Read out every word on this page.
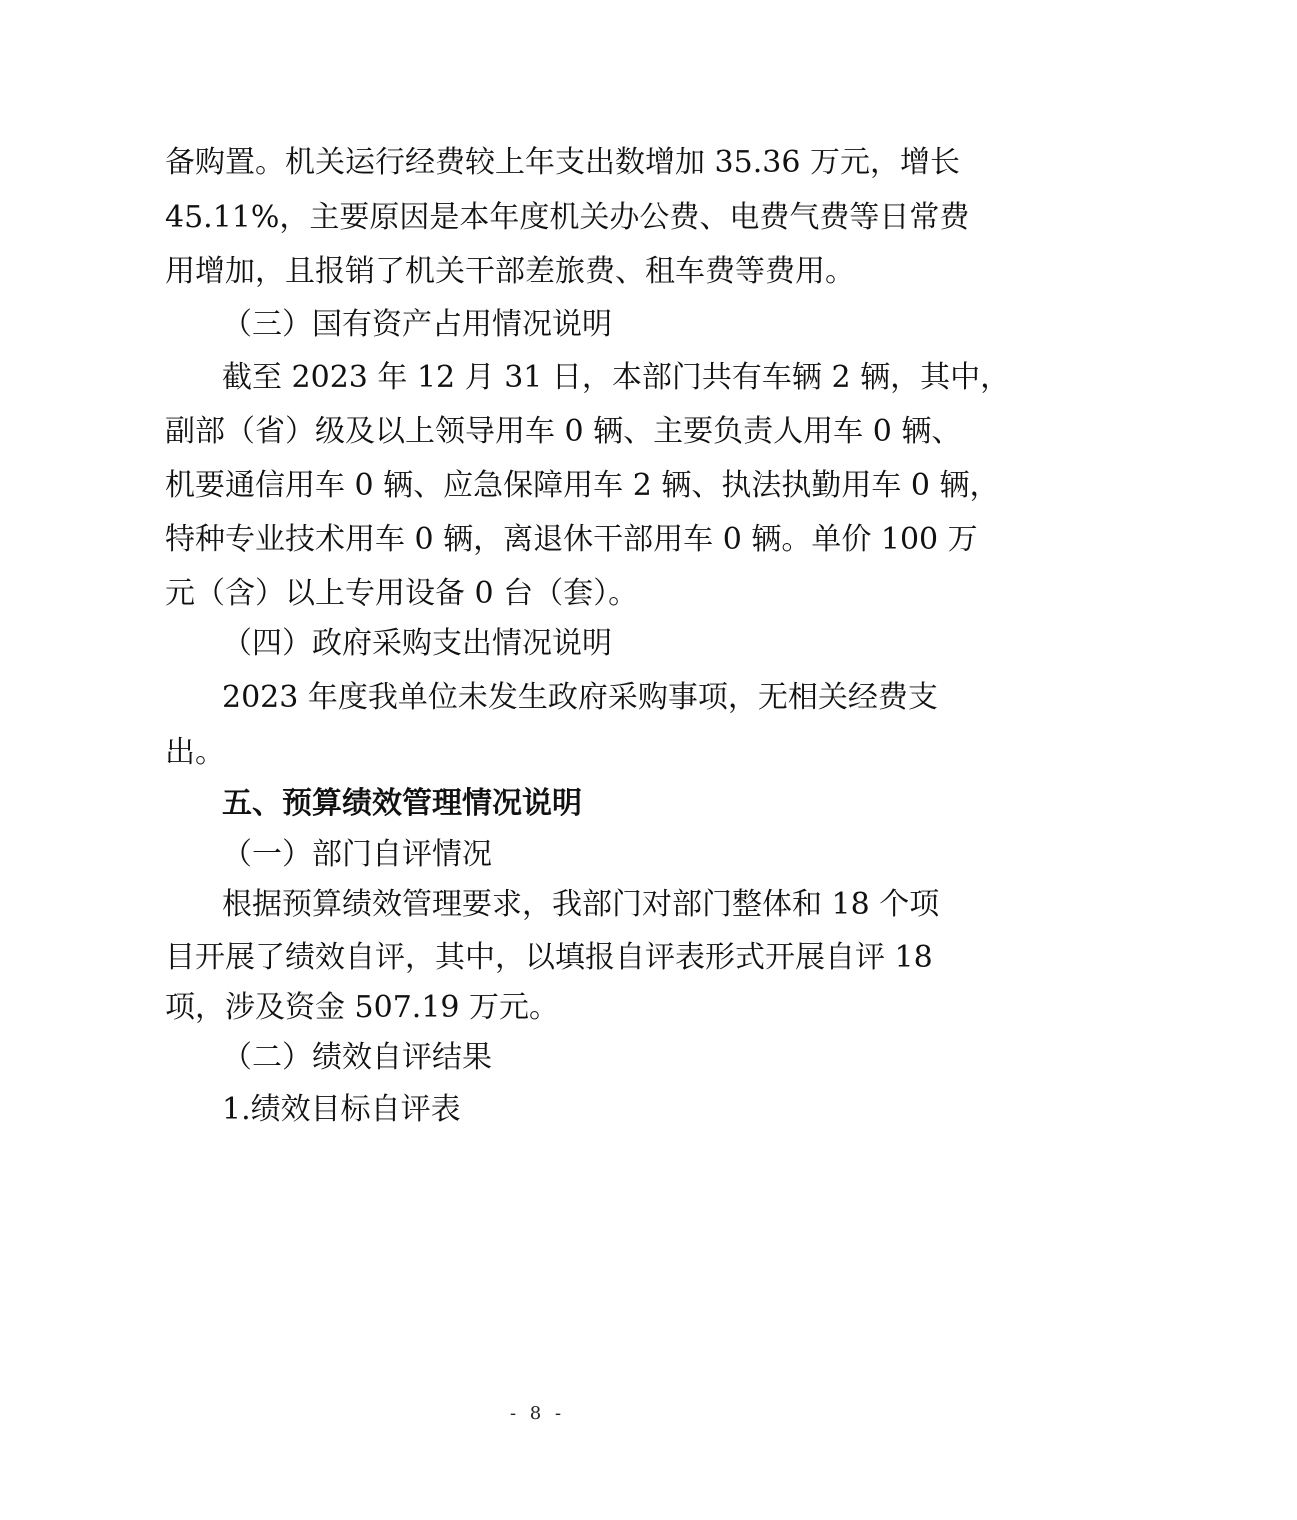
备购置。机关运行经费较上年支出数增加 35.36 万元，增长
45.11%，主要原因是本年度机关办公费、电费气费等日常费
用增加，且报销了机关干部差旅费、租车费等费用。
（三）国有资产占用情况说明
截至 2023 年 12 月 31 日，本部门共有车辆 2 辆，其中，
副部（省）级及以上领导用车 0 辆、主要负责人用车 0 辆、
机要通信用车 0 辆、应急保障用车 2 辆、执法执勤用车 0 辆，
特种专业技术用车 0 辆，离退休干部用车 0 辆。单价 100 万
元（含）以上专用设备 0 台（套）。
（四）政府采购支出情况说明
2023 年度我单位未发生政府采购事项，无相关经费支
出。
五、预算绩效管理情况说明
（一）部门自评情况
根据预算绩效管理要求，我部门对部门整体和 18 个项
目开展了绩效自评，其中，以填报自评表形式开展自评 18
项，涉及资金 507.19 万元。
（二）绩效自评结果
1.绩效目标自评表
- 8 -
